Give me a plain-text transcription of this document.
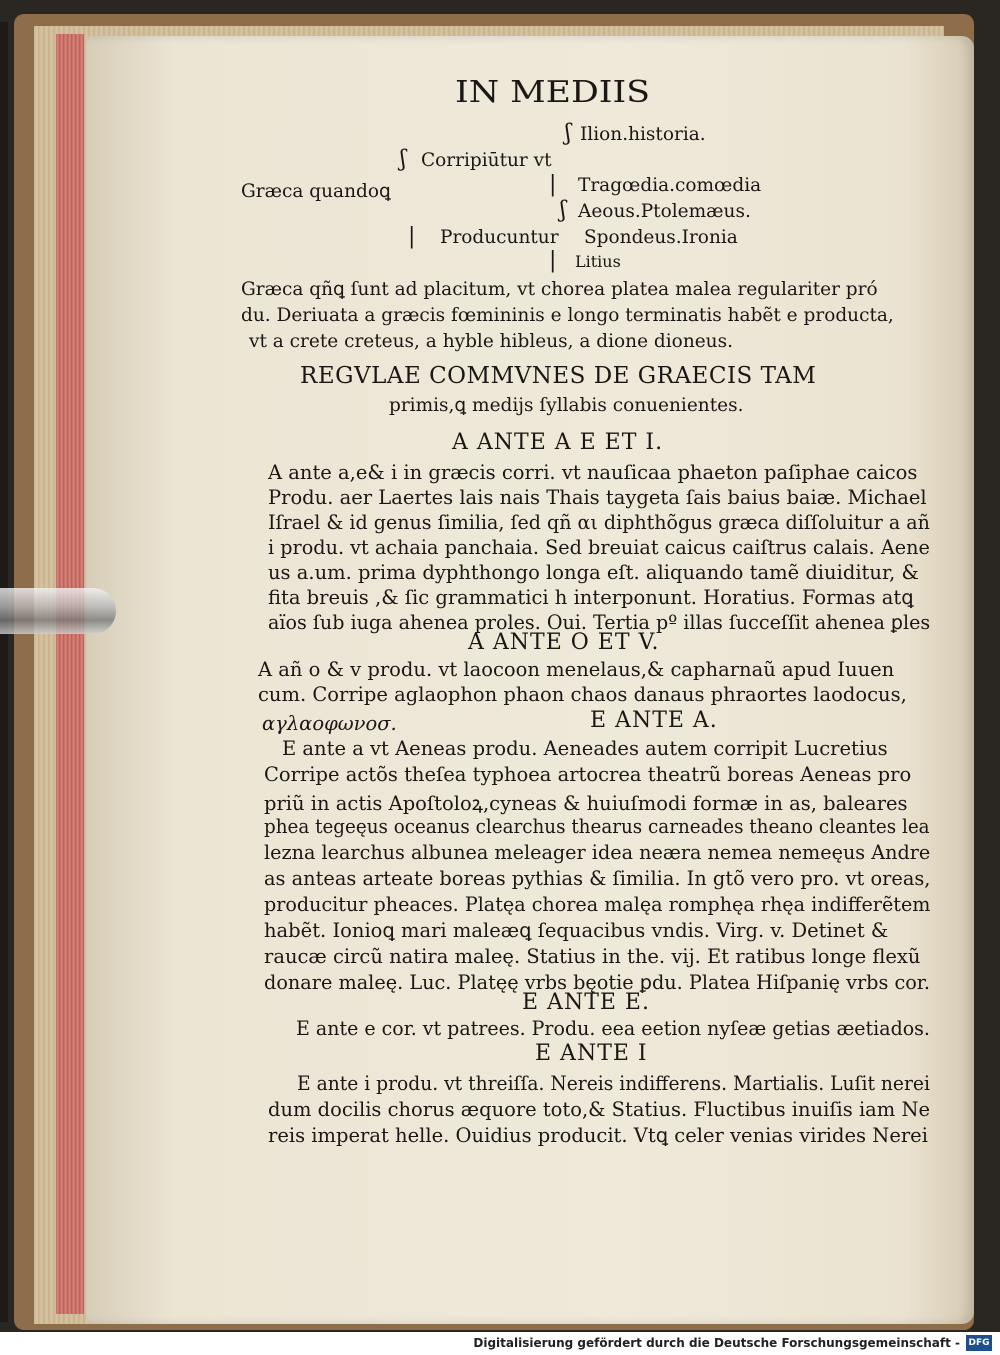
IN MEDIIS
ʃ Ilion.historia.
ʃ Corripiūtur vt
Græca quandoꝗ	| Tragœdia.comœdia
ʃ Aeous.Ptolemæus.
| Producuntur Spondeus.Ironia
| Litius
Græca qñꝗ ſunt ad placitum, vt chorea platea malea regulariter pró
du. Deriuata a græcis fœmininis e longo terminatis habẽt e producta,
vt a crete creteus, a hyble hibleus, a dione dioneus.
REGVLAE COMMVNES DE GRAECIS TAM
primis,ꝗ medijs ſyllabis conuenientes.
A ANTE A E ET I.
A ante a,e& i in græcis corri. vt nauſicaa phaeton paſiphae caicos
Produ. aer Laertes lais nais Thais taygeta ſais baius baiæ. Michael
Iſrael & id genus ſimilia, ſed qñ αι diphthõgus græca diſſoluitur a añ
i produ. vt achaia panchaia. Sed breuiat caicus caiſtrus calais. Aene
us a.um. prima dyphthongo longa eſt. aliquando tamẽ diuiditur, &
fita breuis ,& ſic grammatici h interponunt. Horatius. Formas atꝗ
aïos ſub iuga ahenea proles. Oui. Tertia pº illas ſucceſſit ahenea ꝑles
A ANTE O ET V.
A añ o & v produ. vt laocoon menelaus,& capharnaũ apud Iuuen
cum. Corripe aglaophon phaon chaos danaus phraortes laodocus,
αγλαοφωνοσ.	E ANTE A.
E ante a vt Aeneas produ. Aeneades autem corripit Lucretius
Corripe actõs theſea typhoea artocrea theatrũ boreas Aeneas pro
priũ in actis Apoſtoloꝝ,cyneas & huiuſmodi formæ in as, baleares
phea tegeęus oceanus clearchus thearus carneades theano cleantes lea
lezna learchus albunea meleager idea neæra nemea nemeęus Andre
as anteas arteate boreas pythias & ſimilia. In gtõ vero pro. vt oreas,
producitur pheaces. Platęa chorea malęa romphęa rhęa indifferẽtem
habẽt. Ionioꝗ mari maleæꝗ ſequacibus vndis. Virg. v. Detinet &
raucæ circũ natira maleę. Statius in the. vij. Et ratibus longe flexũ
donare maleę. Luc. Platęę vrbs bęotie ꝑdu. Platea Hiſpanię vrbs cor.
E ANTE E.
E ante e cor. vt patrees. Produ. eea eetion nyſeæ getias æetiados.
E ANTE I
E ante i produ. vt threiſſa. Nereis indifferens. Martialis. Luſit nerei
dum docilis chorus æquore toto,& Statius. Fluctibus inuiſis iam Ne
reis imperat helle. Ouidius producit. Vtꝗ celer venias virides Nerei
Digitalisierung gefördert durch die Deutsche Forschungsgemeinschaft - DFG
